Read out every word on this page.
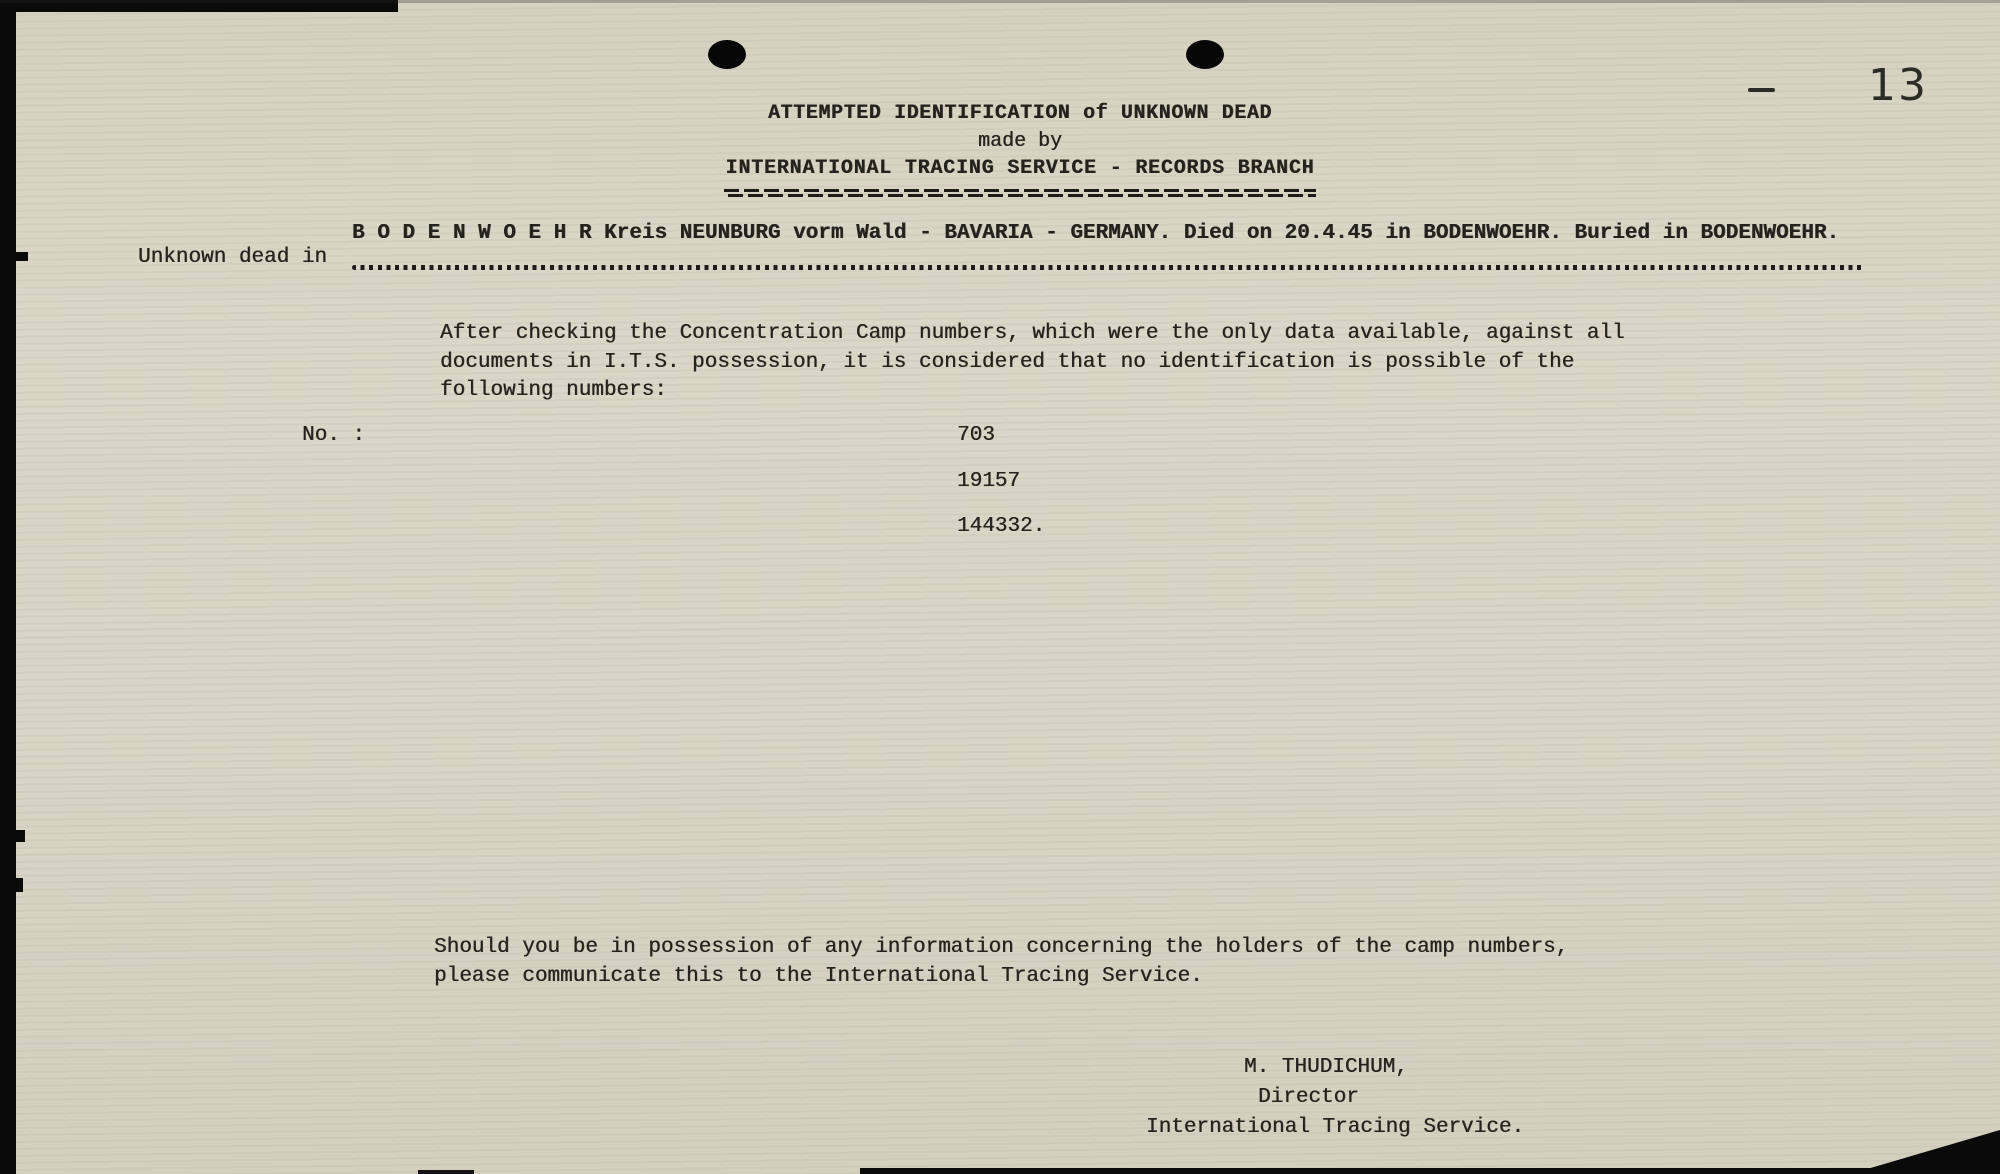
13
ATTEMPTED IDENTIFICATION of UNKNOWN DEAD
made by
INTERNATIONAL TRACING SERVICE - RECORDS BRANCH
B O D E N W O E H R Kreis NEUNBURG vorm Wald - BAVARIA - GERMANY. Died on 20.4.45 in BODENWOEHR. Buried in BODENWOEHR.
Unknown dead in
After checking the Concentration Camp numbers, which were the only data available, against all
documents in I.T.S. possession, it is considered that no identification is possible of the
following numbers:
No. :	703
19157
144332.
Should you be in possession of any information concerning the holders of the camp numbers,
please communicate this to the International Tracing Service.
M. THUDICHUM,
Director
International Tracing Service.
